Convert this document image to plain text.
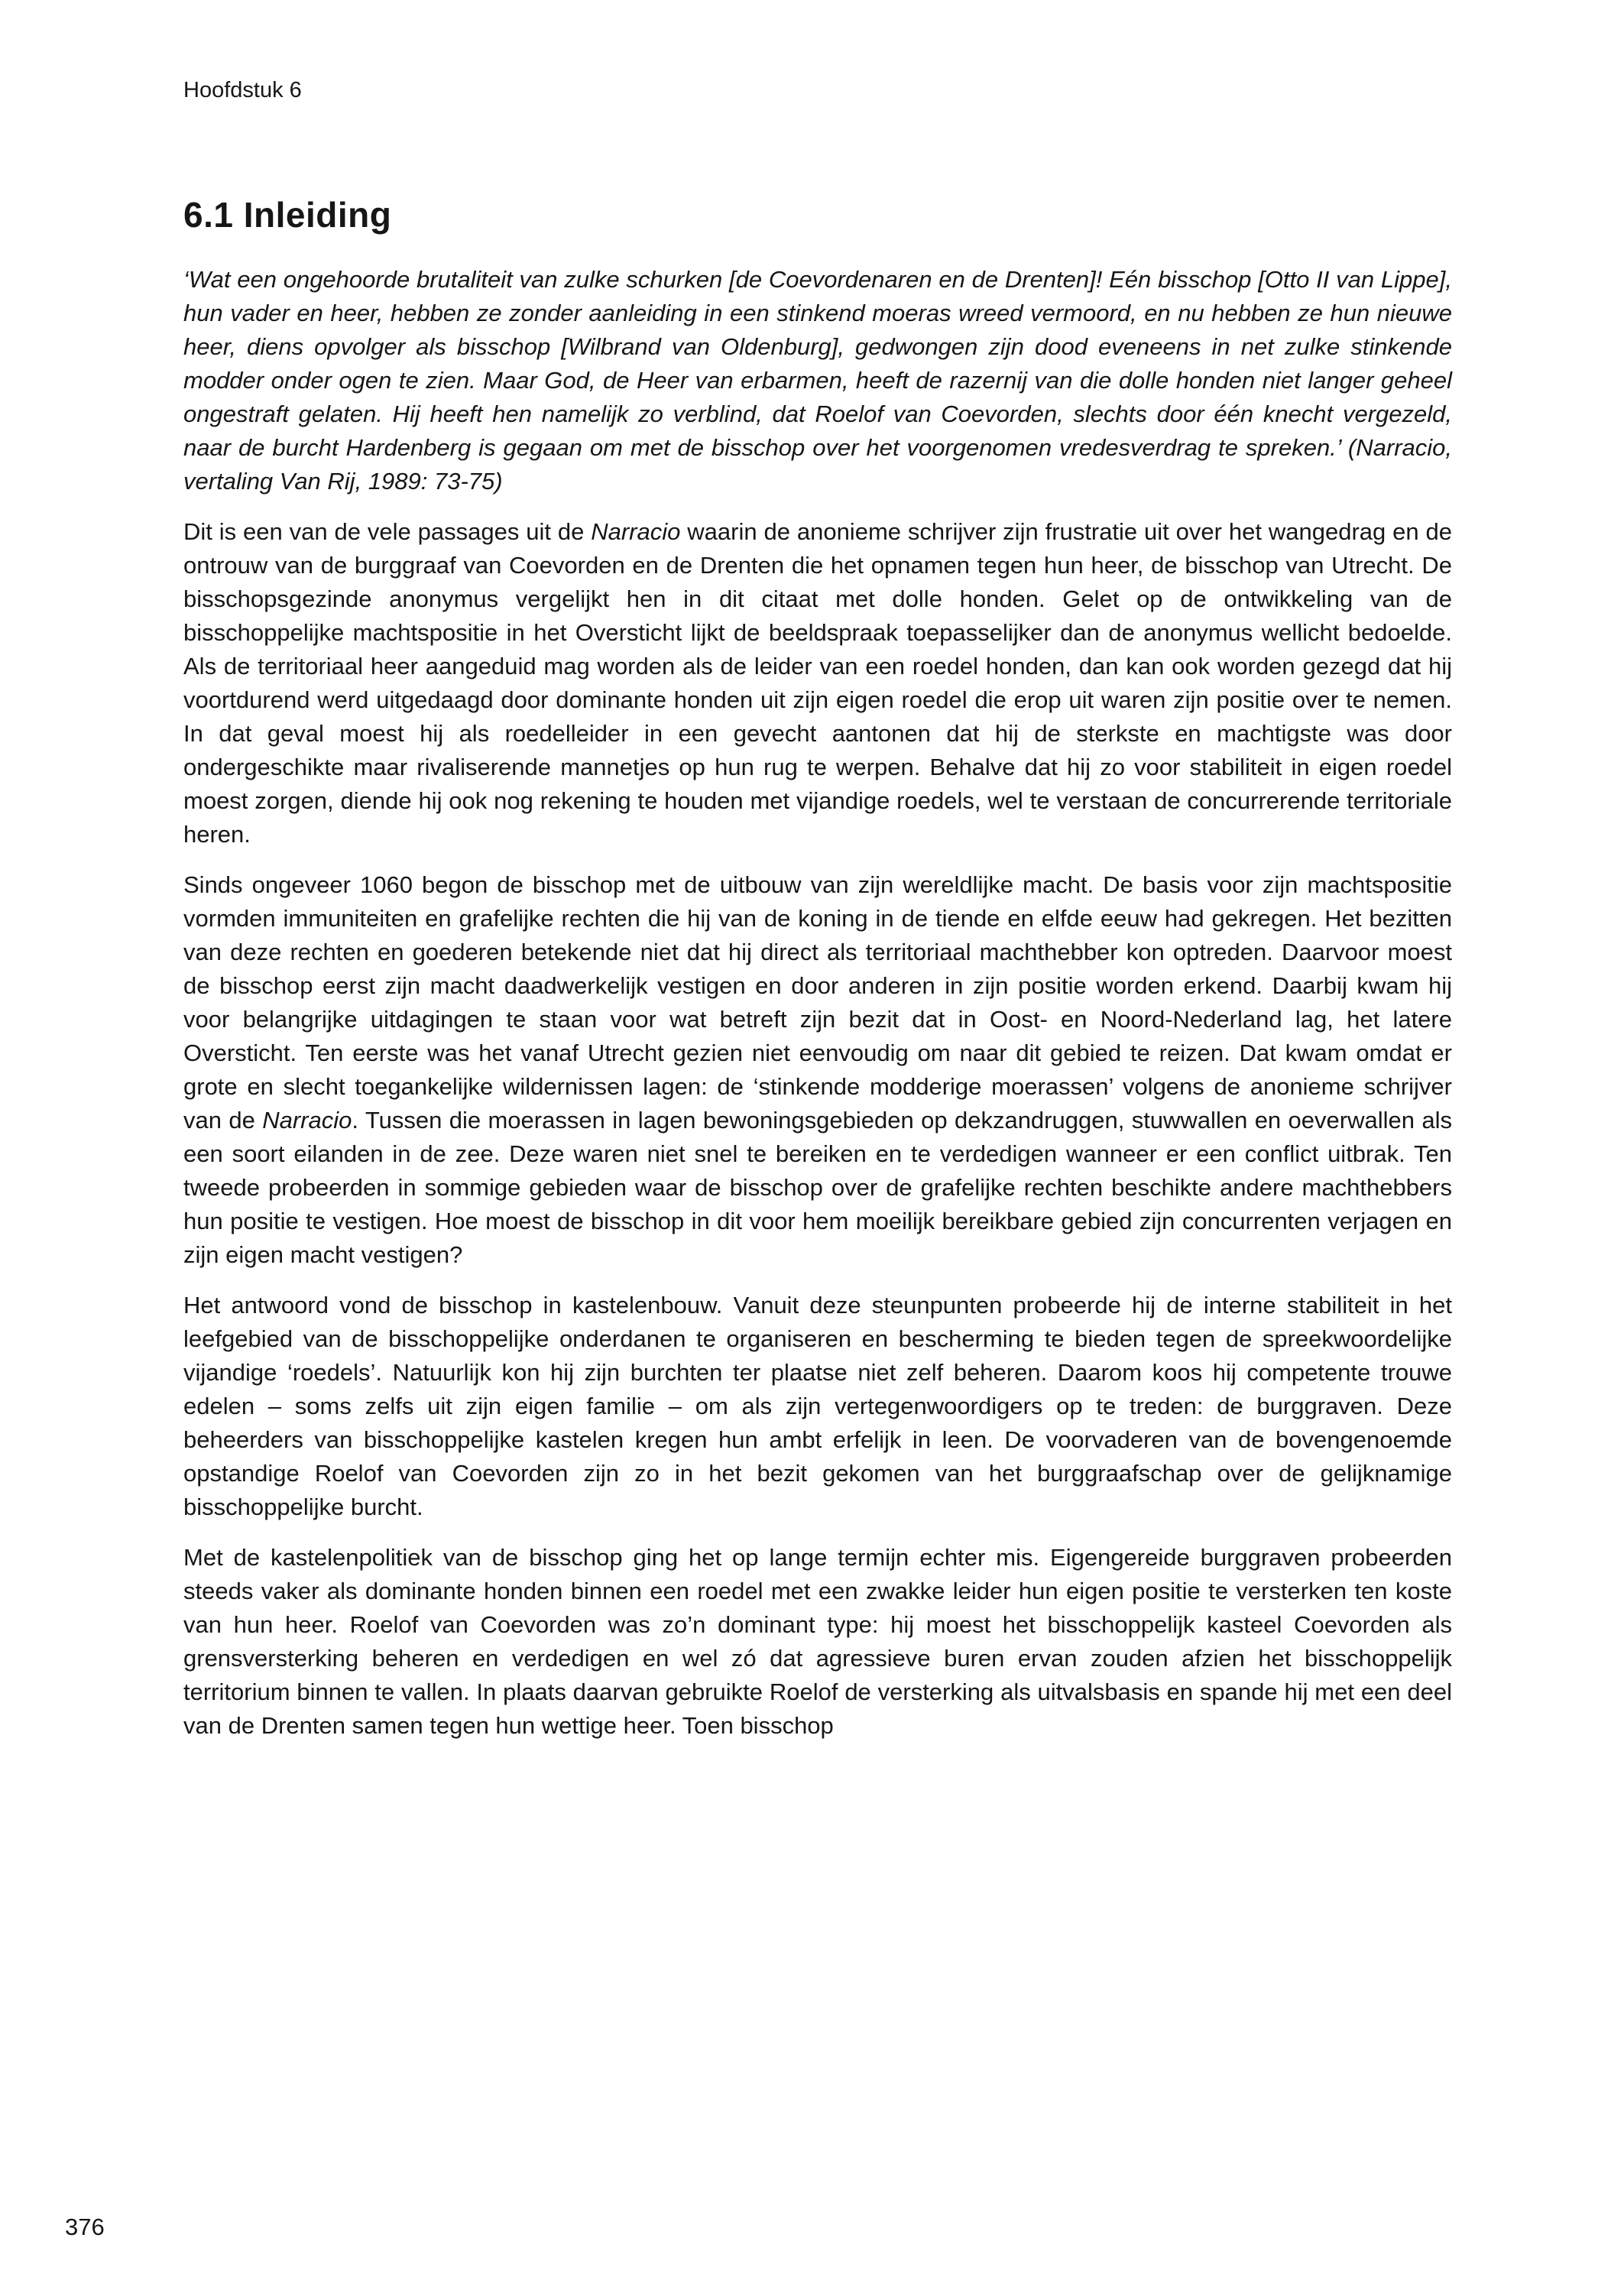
Hoofdstuk 6
6.1 Inleiding
‘Wat een ongehoorde brutaliteit van zulke schurken [de Coevordenaren en de Drenten]! Eén bisschop [Otto II van Lippe], hun vader en heer, hebben ze zonder aanleiding in een stinkend moeras wreed vermoord, en nu hebben ze hun nieuwe heer, diens opvolger als bisschop [Wilbrand van Oldenburg], gedwongen zijn dood eveneens in net zulke stinkende modder onder ogen te zien. Maar God, de Heer van erbarmen, heeft de razernij van die dolle honden niet langer geheel ongestraft gelaten. Hij heeft hen namelijk zo verblind, dat Roelof van Coevorden, slechts door één knecht vergezeld, naar de burcht Hardenberg is gegaan om met de bisschop over het voorgenomen vredesverdrag te spreken.’ (Narracio, vertaling Van Rij, 1989: 73-75)
Dit is een van de vele passages uit de Narracio waarin de anonieme schrijver zijn frustratie uit over het wangedrag en de ontrouw van de burggraaf van Coevorden en de Drenten die het opnamen tegen hun heer, de bisschop van Utrecht. De bisschopsgezinde anonymus vergelijkt hen in dit citaat met dolle honden. Gelet op de ontwikkeling van de bisschoppelijke machtspositie in het Oversticht lijkt de beeldspraak toepasselijker dan de anonymus wellicht bedoelde. Als de territoriaal heer aangeduid mag worden als de leider van een roedel honden, dan kan ook worden gezegd dat hij voortdurend werd uitgedaagd door dominante honden uit zijn eigen roedel die erop uit waren zijn positie over te nemen. In dat geval moest hij als roedelleider in een gevecht aantonen dat hij de sterkste en machtigste was door ondergeschikte maar rivaliserende mannetjes op hun rug te werpen. Behalve dat hij zo voor stabiliteit in eigen roedel moest zorgen, diende hij ook nog rekening te houden met vijandige roedels, wel te verstaan de concurrerende territoriale heren.
Sinds ongeveer 1060 begon de bisschop met de uitbouw van zijn wereldlijke macht. De basis voor zijn machtspositie vormden immuniteiten en grafelijke rechten die hij van de koning in de tiende en elfde eeuw had gekregen. Het bezitten van deze rechten en goederen betekende niet dat hij direct als territoriaal machthebber kon optreden. Daarvoor moest de bisschop eerst zijn macht daadwerkelijk vestigen en door anderen in zijn positie worden erkend. Daarbij kwam hij voor belangrijke uitdagingen te staan voor wat betreft zijn bezit dat in Oost- en Noord-Nederland lag, het latere Oversticht. Ten eerste was het vanaf Utrecht gezien niet eenvoudig om naar dit gebied te reizen. Dat kwam omdat er grote en slecht toegankelijke wildernissen lagen: de ‘stinkende modderige moerassen’ volgens de anonieme schrijver van de Narracio. Tussen die moerassen in lagen bewoningsgebieden op dekzandruggen, stuwwallen en oeverwallen als een soort eilanden in de zee. Deze waren niet snel te bereiken en te verdedigen wanneer er een conflict uitbrak. Ten tweede probeerden in sommige gebieden waar de bisschop over de grafelijke rechten beschikte andere machthebbers hun positie te vestigen. Hoe moest de bisschop in dit voor hem moeilijk bereikbare gebied zijn concurrenten verjagen en zijn eigen macht vestigen?
Het antwoord vond de bisschop in kastelenbouw. Vanuit deze steunpunten probeerde hij de interne stabiliteit in het leefgebied van de bisschoppelijke onderdanen te organiseren en bescherming te bieden tegen de spreekwoordelijke vijandige ‘roedels’. Natuurlijk kon hij zijn burchten ter plaatse niet zelf beheren. Daarom koos hij competente trouwe edelen – soms zelfs uit zijn eigen familie – om als zijn vertegenwoordigers op te treden: de burggraven. Deze beheerders van bisschoppelijke kastelen kregen hun ambt erfelijk in leen. De voorvaderen van de bovengenoemde opstandige Roelof van Coevorden zijn zo in het bezit gekomen van het burggraafschap over de gelijknamige bisschoppelijke burcht.
Met de kastelenpolitiek van de bisschop ging het op lange termijn echter mis. Eigengereide burggraven probeerden steeds vaker als dominante honden binnen een roedel met een zwakke leider hun eigen positie te versterken ten koste van hun heer. Roelof van Coevorden was zo’n dominant type: hij moest het bisschoppelijk kasteel Coevorden als grensversterking beheren en verdedigen en wel zó dat agressieve buren ervan zouden afzien het bisschoppelijk territorium binnen te vallen. In plaats daarvan gebruikte Roelof de versterking als uitvalsbasis en spande hij met een deel van de Drenten samen tegen hun wettige heer. Toen bisschop
376
